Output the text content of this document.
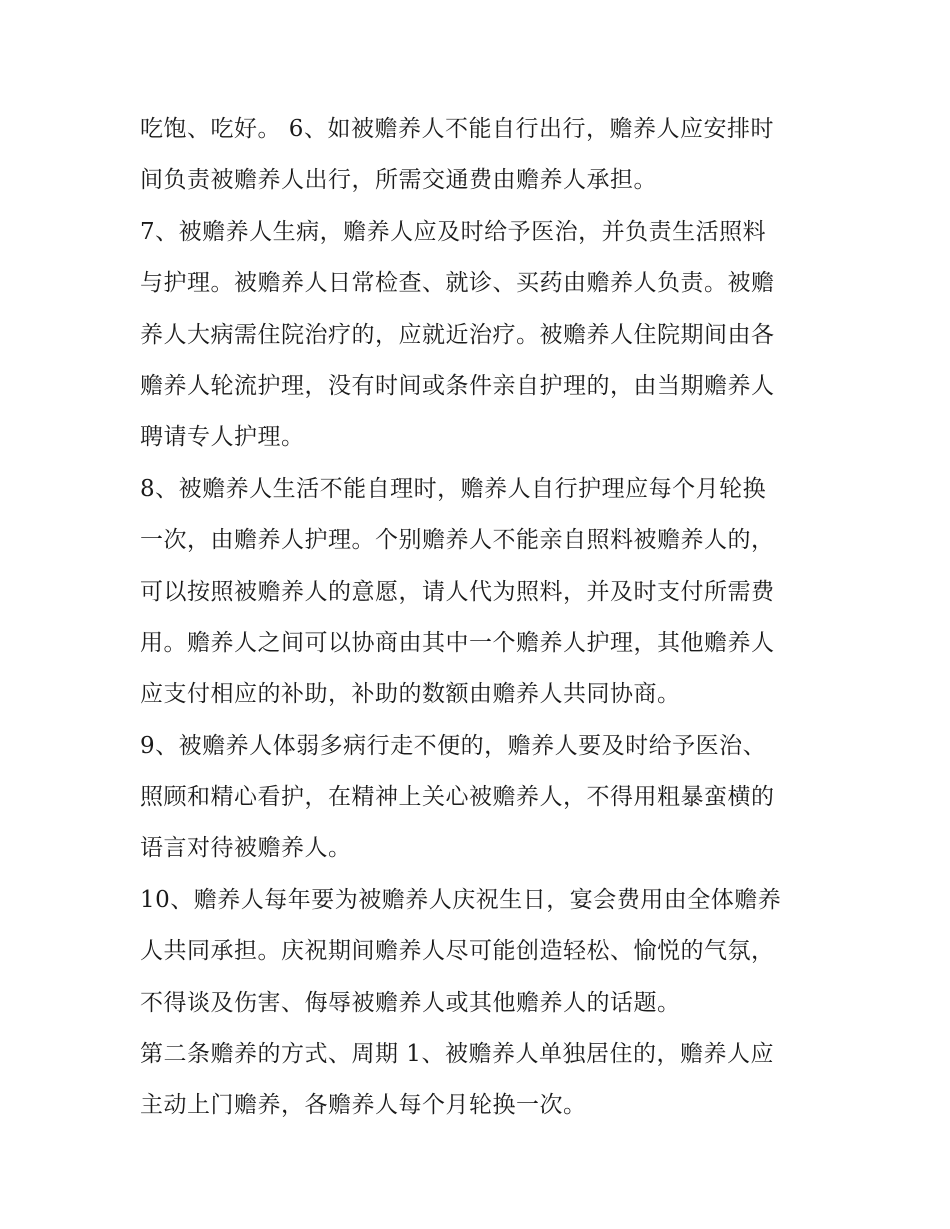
吃饱、吃好。 6、如被赡养人不能自行出行，赡养人应安排时
间负责被赡养人出行，所需交通费由赡养人承担。
7、被赡养人生病，赡养人应及时给予医治，并负责生活照料
与护理。被赡养人日常检查、就诊、买药由赡养人负责。被赡
养人大病需住院治疗的，应就近治疗。被赡养人住院期间由各
赡养人轮流护理，没有时间或条件亲自护理的，由当期赡养人
聘请专人护理。
8、被赡养人生活不能自理时，赡养人自行护理应每个月轮换
一次，由赡养人护理。个别赡养人不能亲自照料被赡养人的，
可以按照被赡养人的意愿，请人代为照料，并及时支付所需费
用。赡养人之间可以协商由其中一个赡养人护理，其他赡养人
应支付相应的补助，补助的数额由赡养人共同协商。
9、被赡养人体弱多病行走不便的，赡养人要及时给予医治、
照顾和精心看护，在精神上关心被赡养人，不得用粗暴蛮横的
语言对待被赡养人。
10、赡养人每年要为被赡养人庆祝生日，宴会费用由全体赡养
人共同承担。庆祝期间赡养人尽可能创造轻松、愉悦的气氛，
不得谈及伤害、侮辱被赡养人或其他赡养人的话题。
第二条赡养的方式、周期 1、被赡养人单独居住的，赡养人应
主动上门赡养，各赡养人每个月轮换一次。
